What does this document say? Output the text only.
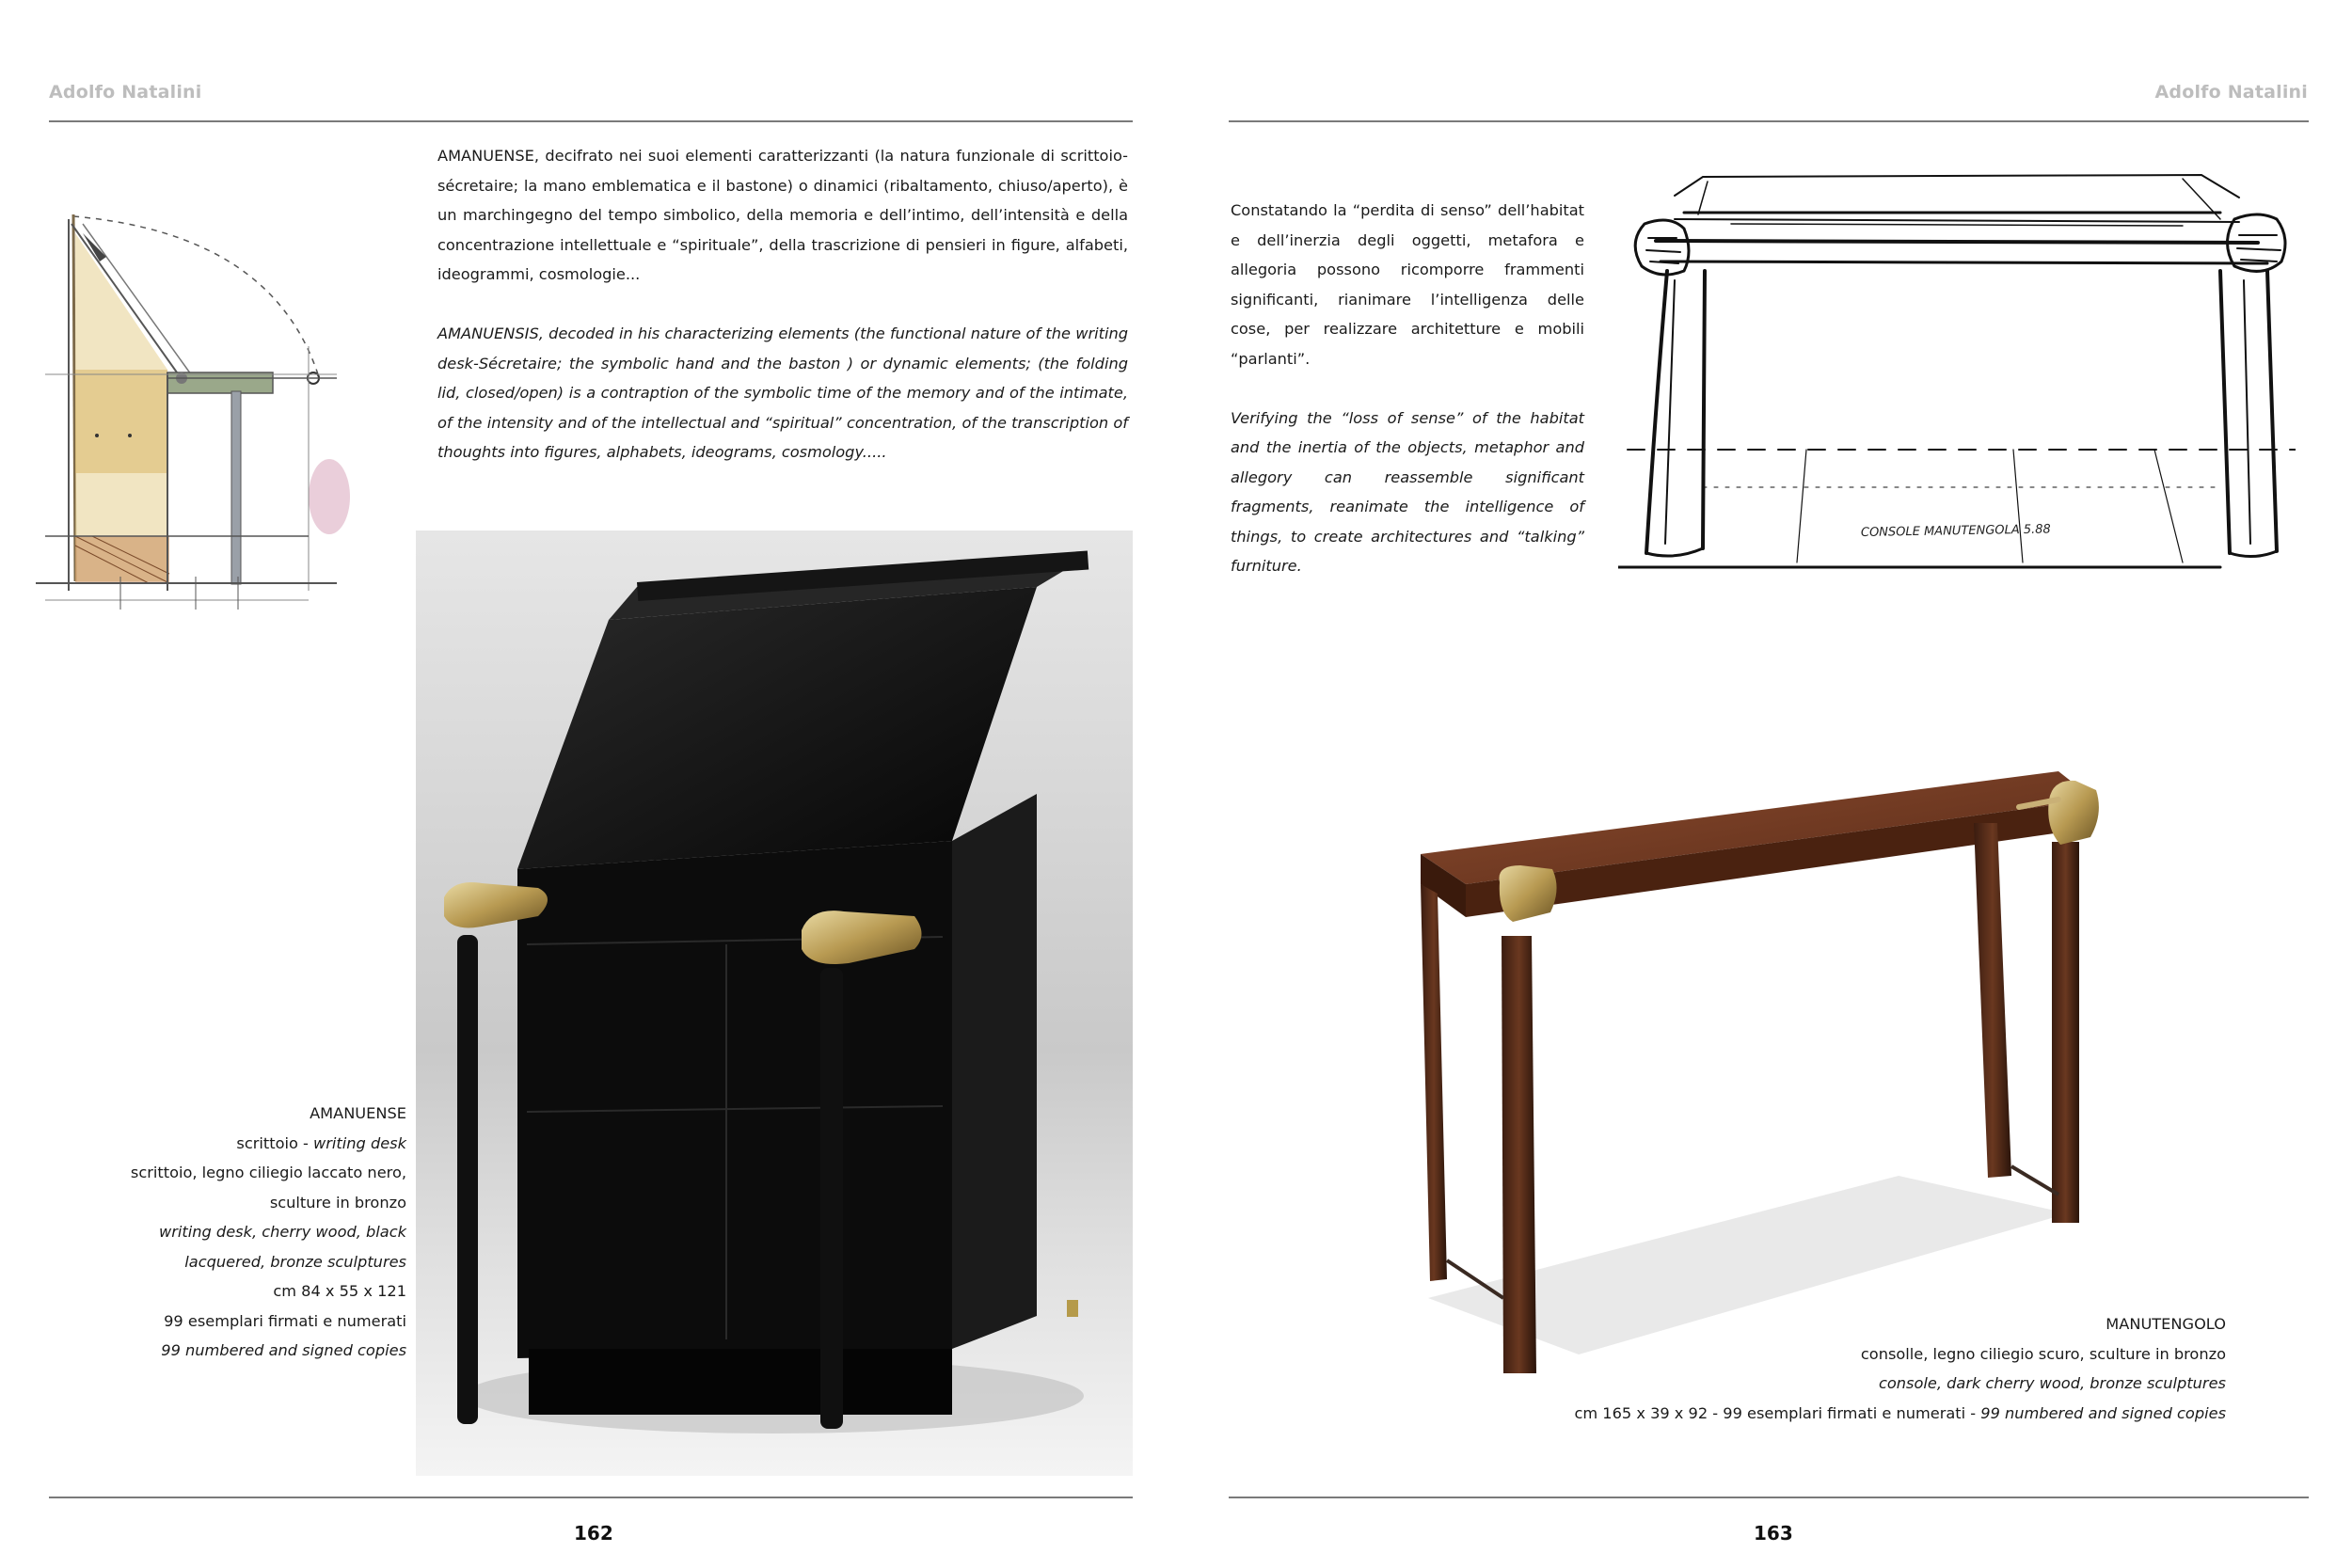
Adolfo Natalini

AMANUENSE, decifrato nei suoi elementi caratterizzanti (la natura funzionale di scrittoio-sécretaire; la mano emblematica e il bastone) o dinamici (ribaltamento, chiuso/aperto), è un marchingegno del tempo simbolico, della memoria e dell’intimo, dell’intensità e della concentrazione intellettuale e “spirituale”, della trascrizione di pensieri in figure, alfabeti, ideogrammi, cosmologie...

AMANUENSIS, decoded in his characterizing elements (the functional nature of the writing desk-Sécretaire; the symbolic hand and the baston ) or dynamic elements; (the folding lid, closed/open) is a contraption of the symbolic time of the memory and of the intimate, of the intensity and of the intellectual and “spiritual” concentration, of the transcription of thoughts into figures, alphabets, ideograms, cosmology.....

AMANUENSE
scrittoio - writing desk
scrittoio, legno ciliegio laccato nero, sculture in bronzo
writing desk, cherry wood, black lacquered, bronze sculptures
cm 84 x 55 x 121
99 esemplari firmati e numerati
99 numbered and signed copies
162
Adolfo Natalini

Constatando la “perdita di senso” dell’habitat e dell’inerzia degli oggetti, metafora e allegoria possono ricomporre frammenti significanti, rianimare l’intelligenza delle cose, per realizzare architetture e mobili “parlanti”.

Verifying the “loss of sense” of the habitat and the inertia of the objects, metaphor and allegory can reassemble significant fragments, reanimate the intelligence of things, to create architectures and “talking” furniture.

CONSOLE MANUTENGOLA 5.88
MANUTENGOLO
consolle, legno ciliegio scuro, sculture in bronzo
console, dark cherry wood, bronze sculptures
cm 165 x 39 x 92 - 99 esemplari firmati e numerati - 99 numbered and signed copies
163
